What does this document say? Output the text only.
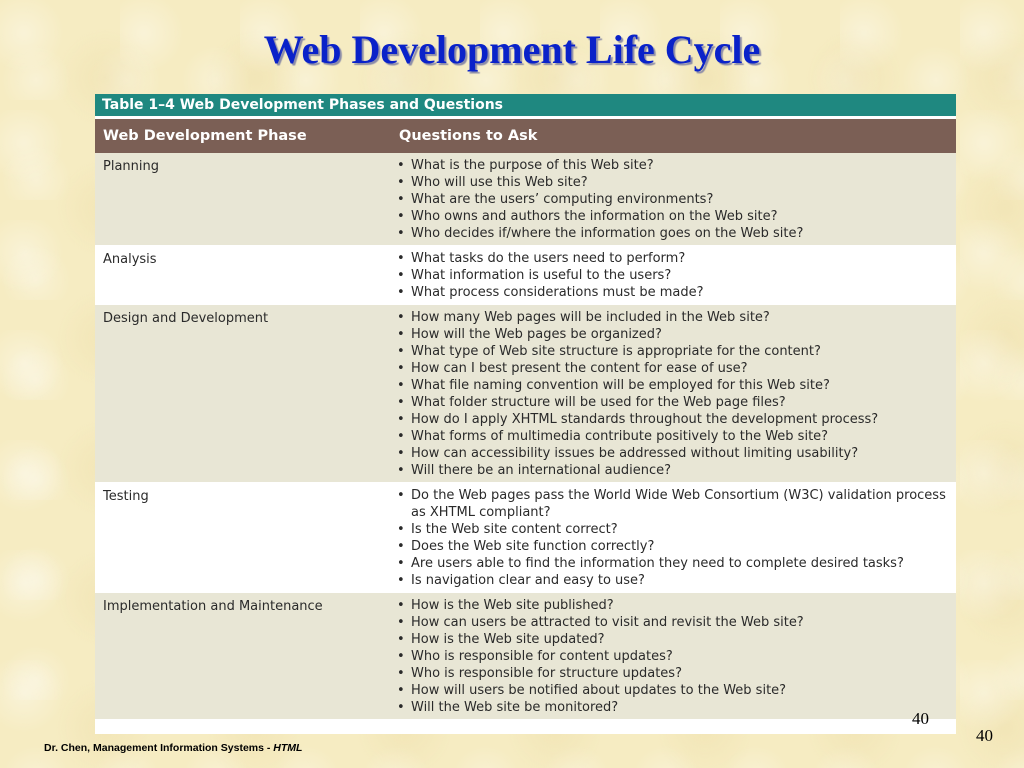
Web Development Life Cycle
Table 1–4 Web Development Phases and Questions
Web Development Phase	Questions to Ask
Planning	• What is the purpose of this Web site?
• Who will use this Web site?
• What are the users’ computing environments?
• Who owns and authors the information on the Web site?
• Who decides if/where the information goes on the Web site?
Analysis	• What tasks do the users need to perform?
• What information is useful to the users?
• What process considerations must be made?
Design and Development	• How many Web pages will be included in the Web site?
• How will the Web pages be organized?
• What type of Web site structure is appropriate for the content?
• How can I best present the content for ease of use?
• What file naming convention will be employed for this Web site?
• What folder structure will be used for the Web page files?
• How do I apply XHTML standards throughout the development process?
• What forms of multimedia contribute positively to the Web site?
• How can accessibility issues be addressed without limiting usability?
• Will there be an international audience?
Testing	• Do the Web pages pass the World Wide Web Consortium (W3C) validation process as XHTML compliant?
• Is the Web site content correct?
• Does the Web site function correctly?
• Are users able to find the information they need to complete desired tasks?
• Is navigation clear and easy to use?
Implementation and Maintenance	• How is the Web site published?
• How can users be attracted to visit and revisit the Web site?
• How is the Web site updated?
• Who is responsible for content updates?
• Who is responsible for structure updates?
• How will users be notified about updates to the Web site?
• Will the Web site be monitored?
40
40
Dr. Chen, Management Information Systems - HTML
